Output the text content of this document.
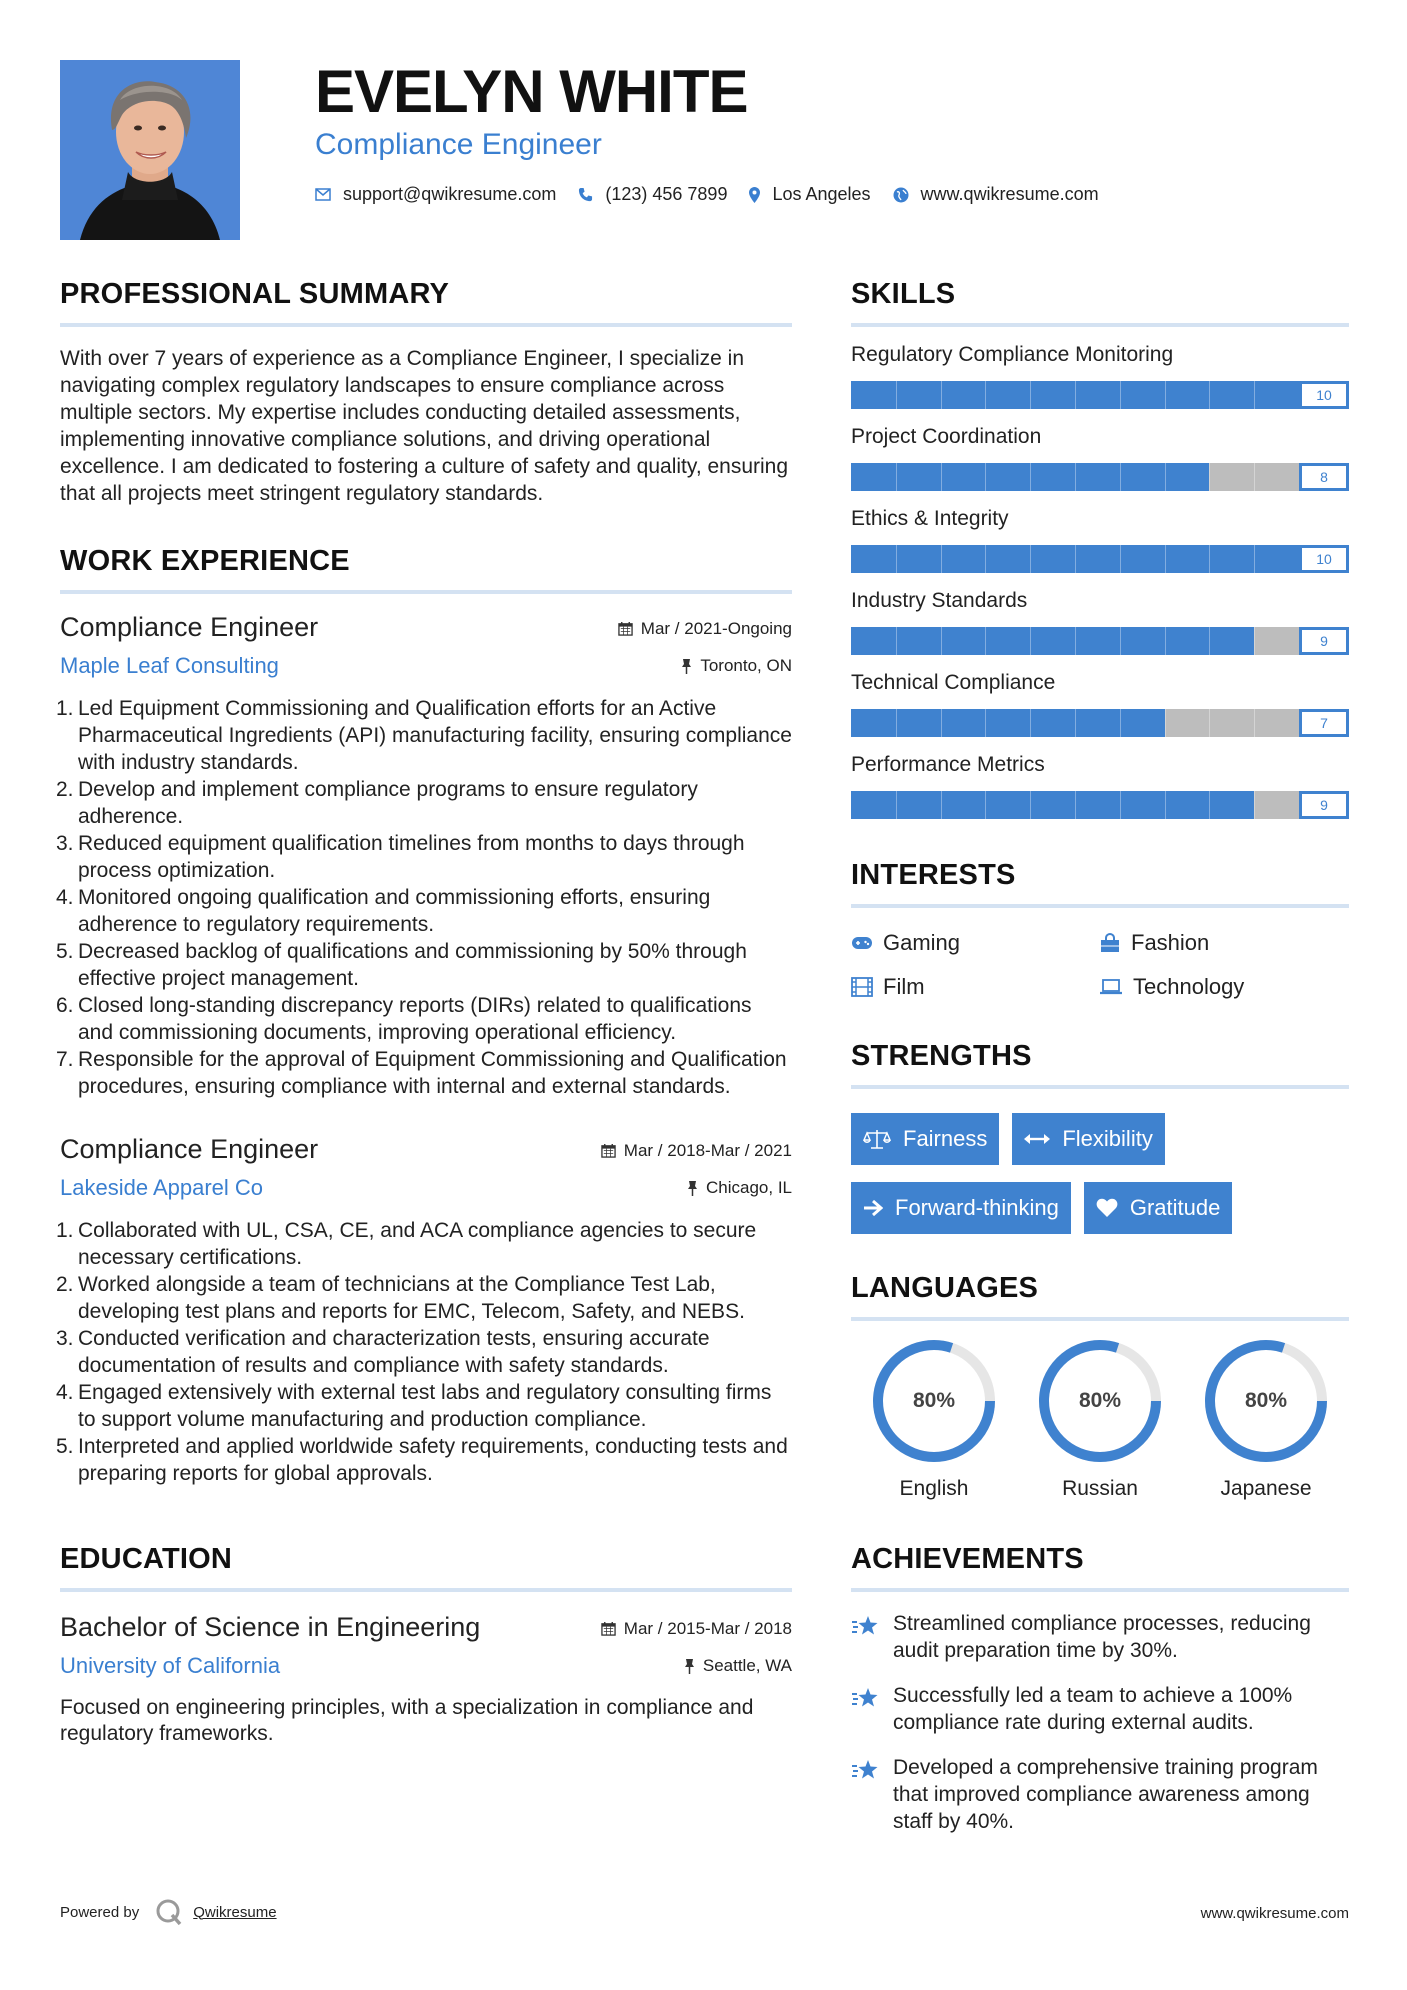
EVELYN WHITE
Compliance Engineer
support@qwikresume.com	(123) 456 7899	Los Angeles	www.qwikresume.com
PROFESSIONAL SUMMARY
With over 7 years of experience as a Compliance Engineer, I specialize in navigating complex regulatory landscapes to ensure compliance across multiple sectors. My expertise includes conducting detailed assessments, implementing innovative compliance solutions, and driving operational excellence. I am dedicated to fostering a culture of safety and quality, ensuring that all projects meet stringent regulatory standards.
WORK EXPERIENCE
Compliance Engineer	Mar / 2021-Ongoing
Maple Leaf Consulting	Toronto, ON
1. Led Equipment Commissioning and Qualification efforts for an Active Pharmaceutical Ingredients (API) manufacturing facility, ensuring compliance with industry standards.
2. Develop and implement compliance programs to ensure regulatory adherence.
3. Reduced equipment qualification timelines from months to days through process optimization.
4. Monitored ongoing qualification and commissioning efforts, ensuring adherence to regulatory requirements.
5. Decreased backlog of qualifications and commissioning by 50% through effective project management.
6. Closed long-standing discrepancy reports (DIRs) related to qualifications and commissioning documents, improving operational efficiency.
7. Responsible for the approval of Equipment Commissioning and Qualification procedures, ensuring compliance with internal and external standards.
Compliance Engineer	Mar / 2018-Mar / 2021
Lakeside Apparel Co	Chicago, IL
1. Collaborated with UL, CSA, CE, and ACA compliance agencies to secure necessary certifications.
2. Worked alongside a team of technicians at the Compliance Test Lab, developing test plans and reports for EMC, Telecom, Safety, and NEBS.
3. Conducted verification and characterization tests, ensuring accurate documentation of results and compliance with safety standards.
4. Engaged extensively with external test labs and regulatory consulting firms to support volume manufacturing and production compliance.
5. Interpreted and applied worldwide safety requirements, conducting tests and preparing reports for global approvals.
EDUCATION
Bachelor of Science in Engineering	Mar / 2015-Mar / 2018
University of California	Seattle, WA
Focused on engineering principles, with a specialization in compliance and regulatory frameworks.
SKILLS
Regulatory Compliance Monitoring
10
Project Coordination
8
Ethics & Integrity
10
Industry Standards
9
Technical Compliance
7
Performance Metrics
9
INTERESTS
Gaming	Fashion
Film	Technology
STRENGTHS
Fairness	Flexibility
Forward-thinking	Gratitude
LANGUAGES
80%
English
80%
Russian
80%
Japanese
ACHIEVEMENTS
Streamlined compliance processes, reducing audit preparation time by 30%.
Successfully led a team to achieve a 100% compliance rate during external audits.
Developed a comprehensive training program that improved compliance awareness among staff by 40%.
Powered by	Qwikresume	www.qwikresume.com
